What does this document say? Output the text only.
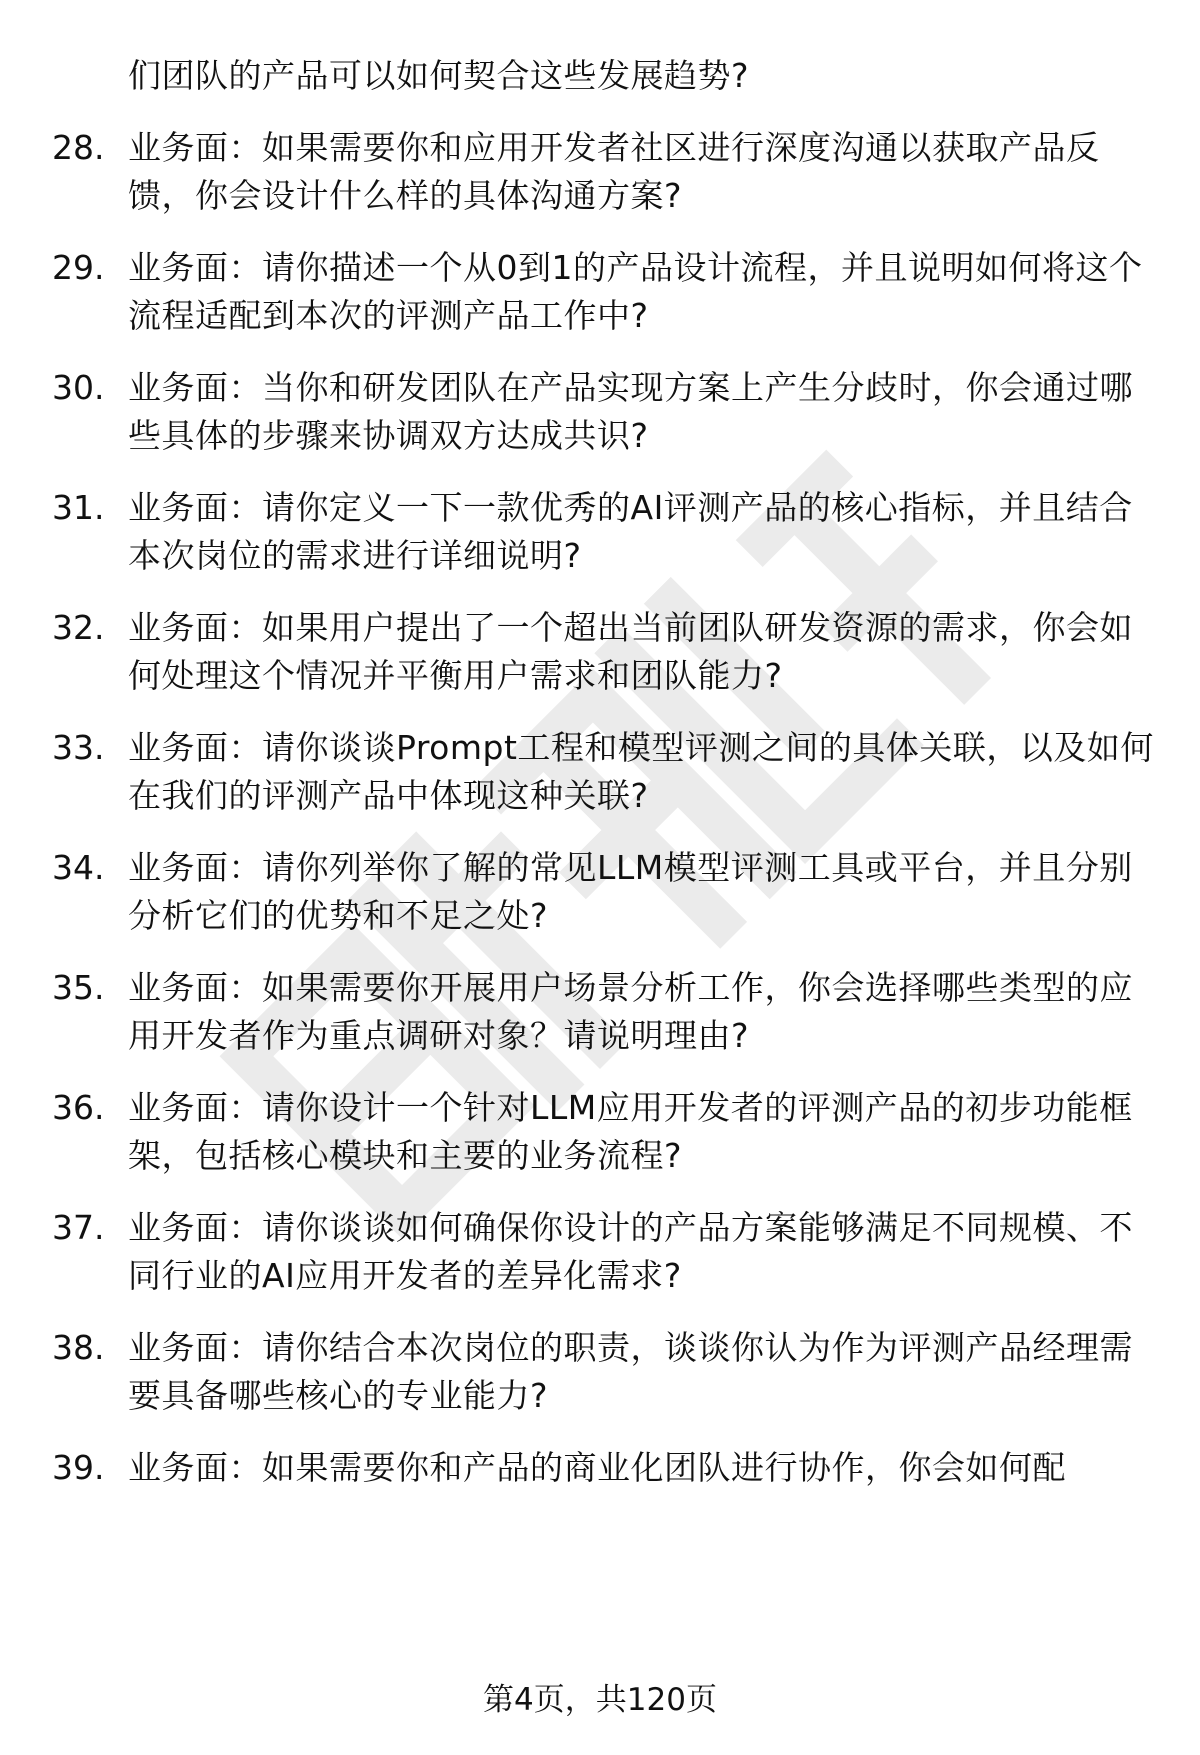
们团队的产品可以如何契合这些发展趋势?
28. 业务面：如果需要你和应用开发者社区进行深度沟通以获取产品反馈，你会设计什么样的具体沟通方案?
29. 业务面：请你描述一个从0到1的产品设计流程，并且说明如何将这个流程适配到本次的评测产品工作中?
30. 业务面：当你和研发团队在产品实现方案上产生分歧时，你会通过哪些具体的步骤来协调双方达成共识?
31. 业务面：请你定义一下一款优秀的AI评测产品的核心指标，并且结合本次岗位的需求进行详细说明?
32. 业务面：如果用户提出了一个超出当前团队研发资源的需求，你会如何处理这个情况并平衡用户需求和团队能力?
33. 业务面：请你谈谈Prompt工程和模型评测之间的具体关联，以及如何在我们的评测产品中体现这种关联?
34. 业务面：请你列举你了解的常见LLM模型评测工具或平台，并且分别分析它们的优势和不足之处?
35. 业务面：如果需要你开展用户场景分析工作，你会选择哪些类型的应用开发者作为重点调研对象？请说明理由?
36. 业务面：请你设计一个针对LLM应用开发者的评测产品的初步功能框架，包括核心模块和主要的业务流程?
37. 业务面：请你谈谈如何确保你设计的产品方案能够满足不同规模、不同行业的AI应用开发者的差异化需求?
38. 业务面：请你结合本次岗位的职责，谈谈你认为作为评测产品经理需要具备哪些核心的专业能力?
39. 业务面：如果需要你和产品的商业化团队进行协作，你会如何配
第4页，共120页
